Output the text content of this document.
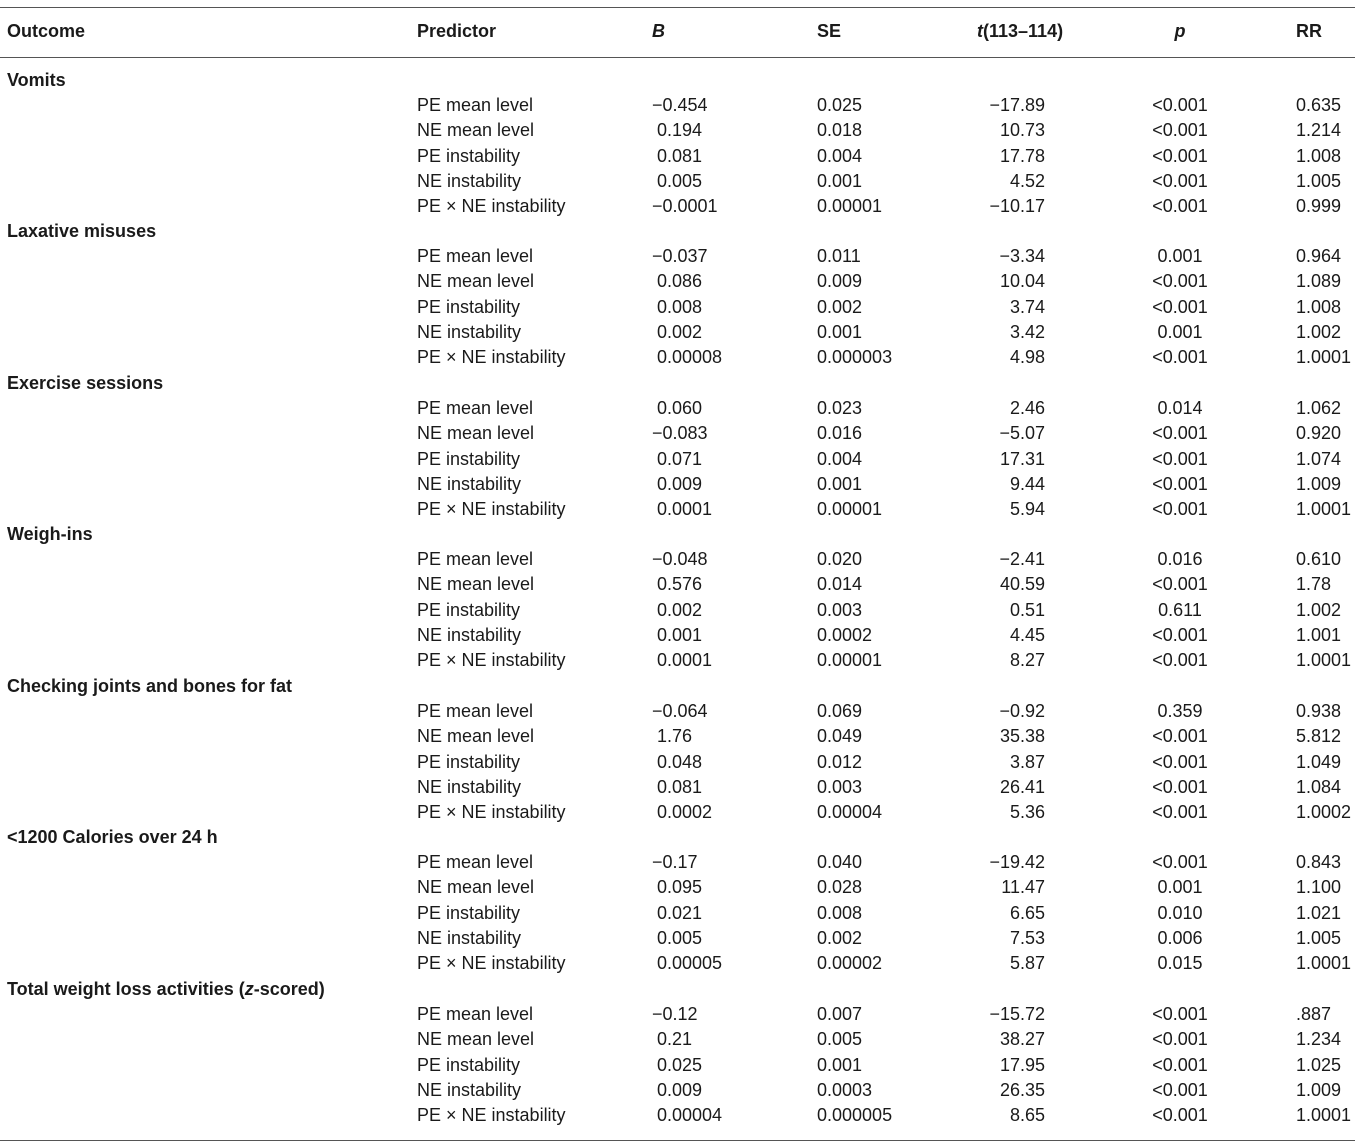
Outcome	Predictor	B	SE	t(113–114)	p	RR
Vomits
PE mean level	−0.454	0.025	−17.89	<0.001	0.635
NE mean level	0.194	0.018	10.73	<0.001	1.214
PE instability	0.081	0.004	17.78	<0.001	1.008
NE instability	0.005	0.001	4.52	<0.001	1.005
PE × NE instability	−0.0001	0.00001	−10.17	<0.001	0.999
Laxative misuses
PE mean level	−0.037	0.011	−3.34	0.001	0.964
NE mean level	0.086	0.009	10.04	<0.001	1.089
PE instability	0.008	0.002	3.74	<0.001	1.008
NE instability	0.002	0.001	3.42	0.001	1.002
PE × NE instability	0.00008	0.000003	4.98	<0.001	1.0001
Exercise sessions
PE mean level	0.060	0.023	2.46	0.014	1.062
NE mean level	−0.083	0.016	−5.07	<0.001	0.920
PE instability	0.071	0.004	17.31	<0.001	1.074
NE instability	0.009	0.001	9.44	<0.001	1.009
PE × NE instability	0.0001	0.00001	5.94	<0.001	1.0001
Weigh-ins
PE mean level	−0.048	0.020	−2.41	0.016	0.610
NE mean level	0.576	0.014	40.59	<0.001	1.78
PE instability	0.002	0.003	0.51	0.611	1.002
NE instability	0.001	0.0002	4.45	<0.001	1.001
PE × NE instability	0.0001	0.00001	8.27	<0.001	1.0001
Checking joints and bones for fat
PE mean level	−0.064	0.069	−0.92	0.359	0.938
NE mean level	1.76	0.049	35.38	<0.001	5.812
PE instability	0.048	0.012	3.87	<0.001	1.049
NE instability	0.081	0.003	26.41	<0.001	1.084
PE × NE instability	0.0002	0.00004	5.36	<0.001	1.0002
<1200 Calories over 24 h
PE mean level	−0.17	0.040	−19.42	<0.001	0.843
NE mean level	0.095	0.028	11.47	0.001	1.100
PE instability	0.021	0.008	6.65	0.010	1.021
NE instability	0.005	0.002	7.53	0.006	1.005
PE × NE instability	0.00005	0.00002	5.87	0.015	1.0001
Total weight loss activities (z-scored)
PE mean level	−0.12	0.007	−15.72	<0.001	.887
NE mean level	0.21	0.005	38.27	<0.001	1.234
PE instability	0.025	0.001	17.95	<0.001	1.025
NE instability	0.009	0.0003	26.35	<0.001	1.009
PE × NE instability	0.00004	0.000005	8.65	<0.001	1.0001
